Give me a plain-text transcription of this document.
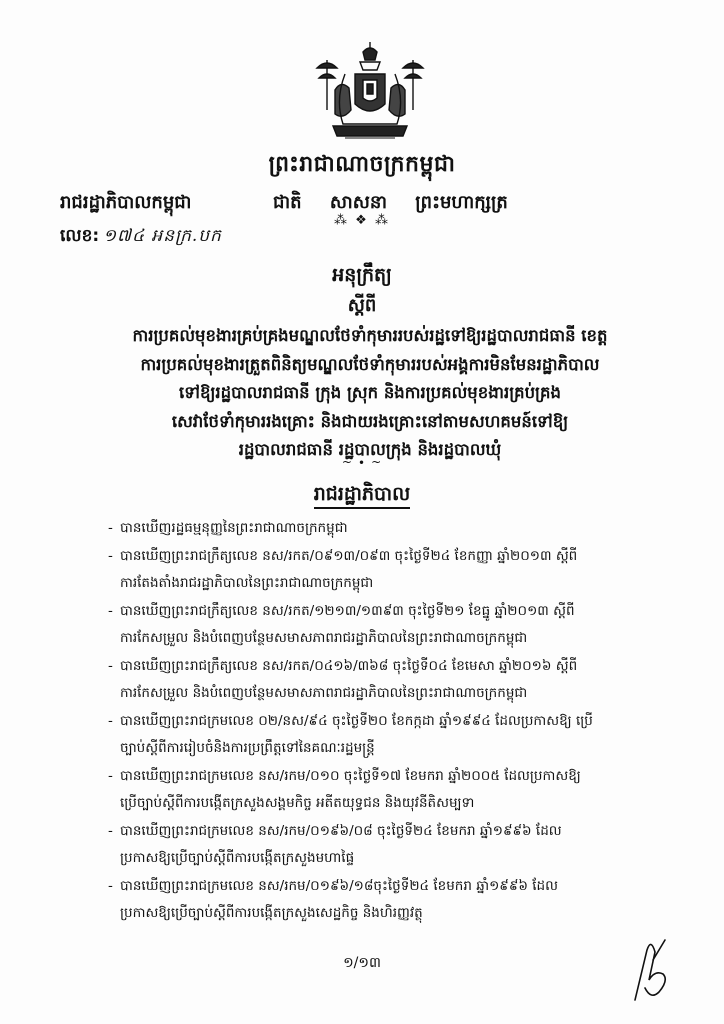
ព្រះរាជាណាចក្រកម្ពុជា
រាជរដ្ឋាភិបាលកម្ពុជា	ជាតិ សាសនា ព្រះមហាក្សត្រ
⁂ ❖ ⁂
លេខ: ១៧៤ អនក្រ.បក
អនុក្រឹត្យ
ស្តីពី
ការប្រគល់មុខងារគ្រប់គ្រងមណ្ឌលថែទាំកុមាររបស់រដ្ឋទៅឱ្យរដ្ឋបាលរាជធានី ខេត្ត
ការប្រគល់មុខងារត្រួតពិនិត្យមណ្ឌលថែទាំកុមាររបស់អង្គការមិនមែនរដ្ឋាភិបាល
ទៅឱ្យរដ្ឋបាលរាជធានី ក្រុង ស្រុក និងការប្រគល់មុខងារគ្រប់គ្រង
សេវាថែទាំកុមាររងគ្រោះ និងជាយរងគ្រោះនៅតាមសហគមន៍ទៅឱ្យ
រដ្ឋបាលរាជធានី រដ្ឋបាលក្រុង និងរដ្ឋបាលឃុំ
~ ∙ ~
រាជរដ្ឋាភិបាល
- បានឃើញរដ្ឋធម្មនុញ្ញនៃព្រះរាជាណាចក្រកម្ពុជា
- បានឃើញព្រះរាជក្រឹត្យលេខ នស/រកត/០៩១៣/០៩៣ ចុះថ្ងៃទី២៤ ខែកញ្ញា ឆ្នាំ២០១៣ ស្តីពី
ការតែងតាំងរាជរដ្ឋាភិបាលនៃព្រះរាជាណាចក្រកម្ពុជា
- បានឃើញព្រះរាជក្រឹត្យលេខ នស/រកត/១២១៣/១៣៩៣ ចុះថ្ងៃទី២១ ខែធ្នូ ឆ្នាំ២០១៣ ស្តីពី
ការកែសម្រួល និងបំពេញបន្ថែមសមាសភាពរាជរដ្ឋាភិបាលនៃព្រះរាជាណាចក្រកម្ពុជា
- បានឃើញព្រះរាជក្រឹត្យលេខ នស/រកត/០៤១៦/៣៦៨ ចុះថ្ងៃទី០៤ ខែមេសា ឆ្នាំ២០១៦ ស្តីពី
ការកែសម្រួល និងបំពេញបន្ថែមសមាសភាពរាជរដ្ឋាភិបាលនៃព្រះរាជាណាចក្រកម្ពុជា
- បានឃើញព្រះរាជក្រមលេខ ០២/នស/៩៤ ចុះថ្ងៃទី២០ ខែកក្កដា ឆ្នាំ១៩៩៤ ដែលប្រកាសឱ្យ ប្រើ
ច្បាប់ស្តីពីការរៀបចំនិងការប្រព្រឹត្តទៅនៃគណៈរដ្ឋមន្ត្រី
- បានឃើញព្រះរាជក្រមលេខ នស/រកម/០១០ ចុះថ្ងៃទី១៧ ខែមករា ឆ្នាំ២០០៥ ដែលប្រកាសឱ្យ
ប្រើច្បាប់ស្តីពីការបង្កើតក្រសួងសង្គមកិច្ច អតីតយុទ្ធជន និងយុវនីតិសម្បទា
- បានឃើញព្រះរាជក្រមលេខ នស/រកម/០១៩៦/០៨ ចុះថ្ងៃទី២៤ ខែមករា ឆ្នាំ១៩៩៦ ដែល
ប្រកាសឱ្យប្រើច្បាប់ស្តីពីការបង្កើតក្រសួងមហាផ្ទៃ
- បានឃើញព្រះរាជក្រមលេខ នស/រកម/០១៩៦/១៨ចុះថ្ងៃទី២៤ ខែមករា ឆ្នាំ១៩៩៦ ដែល
ប្រកាសឱ្យប្រើច្បាប់ស្តីពីការបង្កើតក្រសួងសេដ្ឋកិច្ច និងហិរញ្ញវត្ថុ
១/១៣
